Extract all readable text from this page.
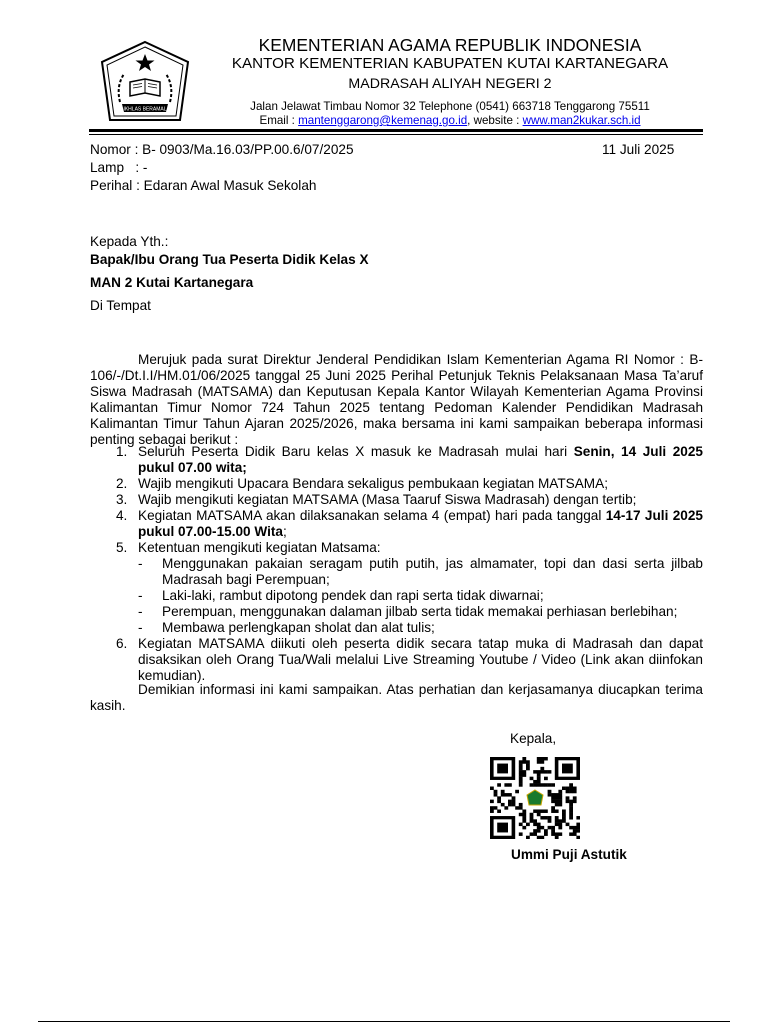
IKHLAS BERAMAL
KEMENTERIAN AGAMA REPUBLIK INDONESIA
KANTOR KEMENTERIAN KABUPATEN KUTAI KARTANEGARA
MADRASAH ALIYAH NEGERI 2
Jalan Jelawat Timbau Nomor 32 Telephone (0541) 663718 Tenggarong 75511
Email : mantenggarong@kemenag.go.id, website : www.man2kukar.sch.id
Nomor : B- 0903/Ma.16.03/PP.00.6/07/2025	11 Juli 2025
Lamp   : -
Perihal : Edaran Awal Masuk Sekolah
Kepada Yth.:
Bapak/Ibu Orang Tua Peserta Didik Kelas X
MAN 2 Kutai Kartanegara
Di Tempat
Merujuk pada surat Direktur Jenderal Pendidikan Islam Kementerian Agama RI Nomor : B-106/-/Dt.I.I/HM.01/06/2025 tanggal 25 Juni 2025 Perihal Petunjuk Teknis Pelaksanaan Masa Ta’aruf Siswa Madrasah (MATSAMA) dan Keputusan Kepala Kantor Wilayah Kementerian Agama Provinsi Kalimantan Timur Nomor 724 Tahun 2025 tentang Pedoman Kalender Pendidikan Madrasah Kalimantan Timur Tahun Ajaran 2025/2026, maka bersama ini kami sampaikan beberapa informasi penting sebagai berikut :
1. Seluruh Peserta Didik Baru kelas X masuk ke Madrasah mulai hari Senin, 14 Juli 2025 pukul 07.00 wita;
2. Wajib mengikuti Upacara Bendara sekaligus pembukaan kegiatan MATSAMA;
3. Wajib mengikuti kegiatan MATSAMA (Masa Taaruf Siswa Madrasah) dengan tertib;
4. Kegiatan MATSAMA akan dilaksanakan selama 4 (empat) hari pada tanggal 14-17 Juli 2025 pukul 07.00-15.00 Wita;
5. Ketentuan mengikuti kegiatan Matsama:
- Menggunakan pakaian seragam putih putih, jas almamater, topi dan dasi serta jilbab Madrasah bagi Perempuan;
- Laki-laki, rambut dipotong pendek dan rapi serta tidak diwarnai;
- Perempuan, menggunakan dalaman jilbab serta tidak memakai perhiasan berlebihan;
- Membawa perlengkapan sholat dan alat tulis;
6. Kegiatan MATSAMA diikuti oleh peserta didik secara tatap muka di Madrasah dan dapat disaksikan oleh Orang Tua/Wali melalui Live Streaming Youtube / Video (Link akan diinfokan kemudian).
Demikian informasi ini kami sampaikan. Atas perhatian dan kerjasamanya diucapkan terima kasih.
Kepala,
Ummi Puji Astutik
